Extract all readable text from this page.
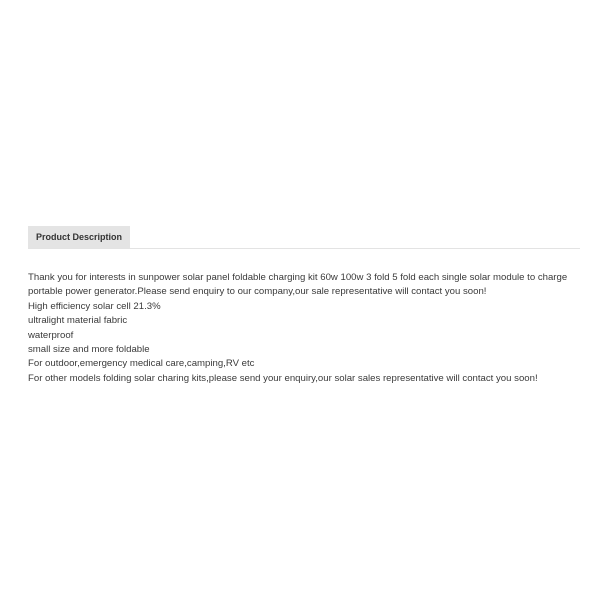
Product Description

Thank you for interests in sunpower solar panel foldable charging kit 60w 100w 3 fold 5 fold each single solar module to charge portable power generator.Please send enquiry to our company,our sale representative will contact you soon!

High efficiency solar cell 21.3%

ultralight material fabric

waterproof

small size and more foldable

For outdoor,emergency medical care,camping,RV etc

For other models folding solar charing kits,please send your enquiry,our solar sales representative will contact you soon!
